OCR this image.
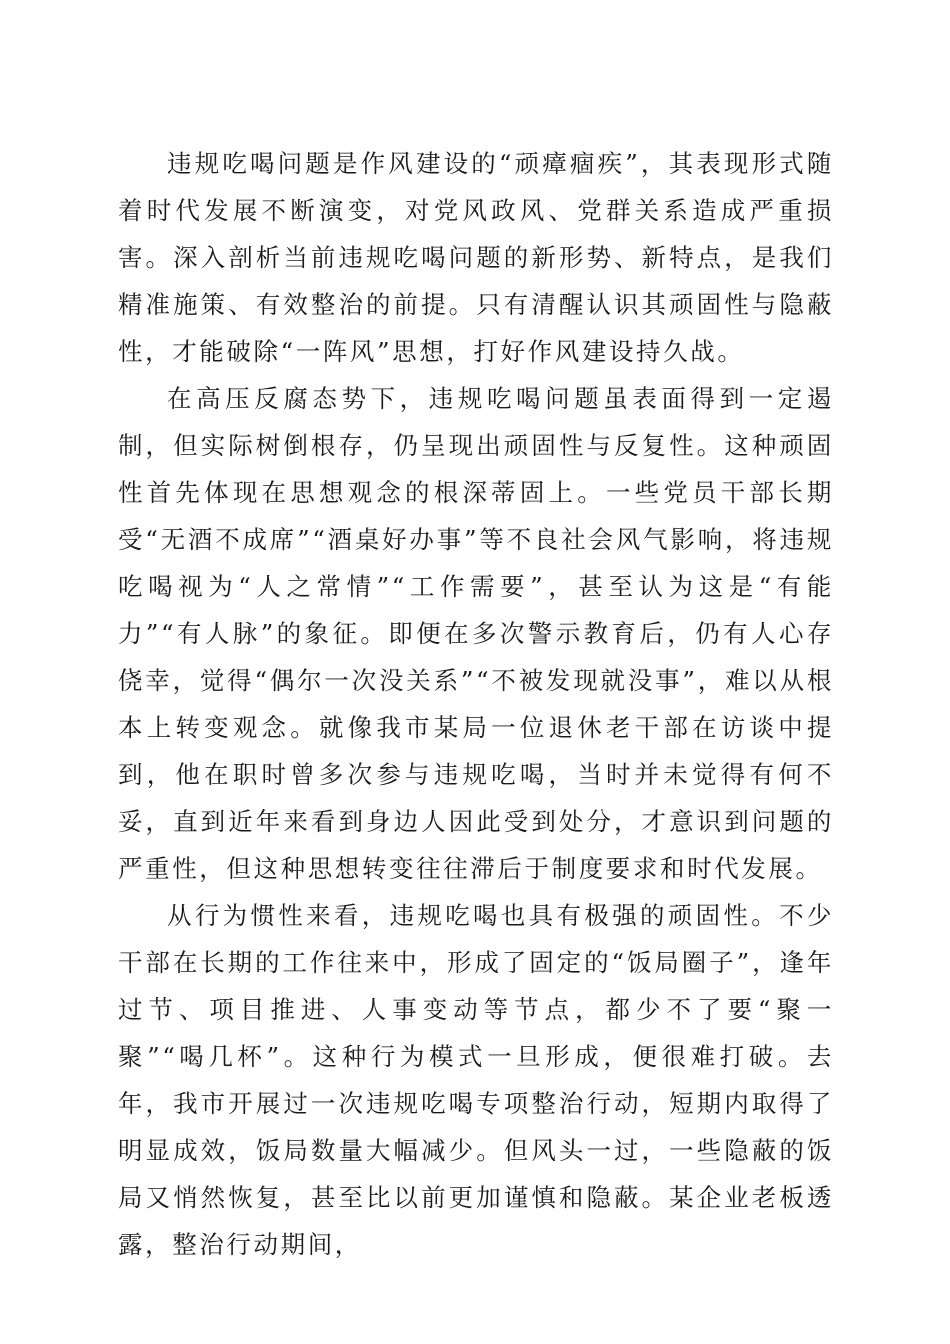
违规吃喝问题是作风建设的“顽瘴痼疾”，其表现形式随着时代发展不断演变，对党风政风、党群关系造成严重损害。深入剖析当前违规吃喝问题的新形势、新特点，是我们精准施策、有效整治的前提。只有清醒认识其顽固性与隐蔽性，才能破除“一阵风”思想，打好作风建设持久战。

在高压反腐态势下，违规吃喝问题虽表面得到一定遏制，但实际树倒根存，仍呈现出顽固性与反复性。这种顽固性首先体现在思想观念的根深蒂固上。一些党员干部长期受“无酒不成席”“酒桌好办事”等不良社会风气影响，将违规吃喝视为“人之常情”“工作需要”，甚至认为这是“有能力”“有人脉”的象征。即便在多次警示教育后，仍有人心存侥幸，觉得“偶尔一次没关系”“不被发现就没事”，难以从根本上转变观念。就像我市某局一位退休老干部在访谈中提到，他在职时曾多次参与违规吃喝，当时并未觉得有何不妥，直到近年来看到身边人因此受到处分，才意识到问题的严重性，但这种思想转变往往滞后于制度要求和时代发展。

从行为惯性来看，违规吃喝也具有极强的顽固性。不少干部在长期的工作往来中，形成了固定的“饭局圈子”，逢年过节、项目推进、人事变动等节点，都少不了要“聚一聚”“喝几杯”。这种行为模式一旦形成，便很难打破。去年，我市开展过一次违规吃喝专项整治行动，短期内取得了明显成效，饭局数量大幅减少。但风头一过，一些隐蔽的饭局又悄然恢复，甚至比以前更加谨慎和隐蔽。某企业老板透露，整治行动期间，
